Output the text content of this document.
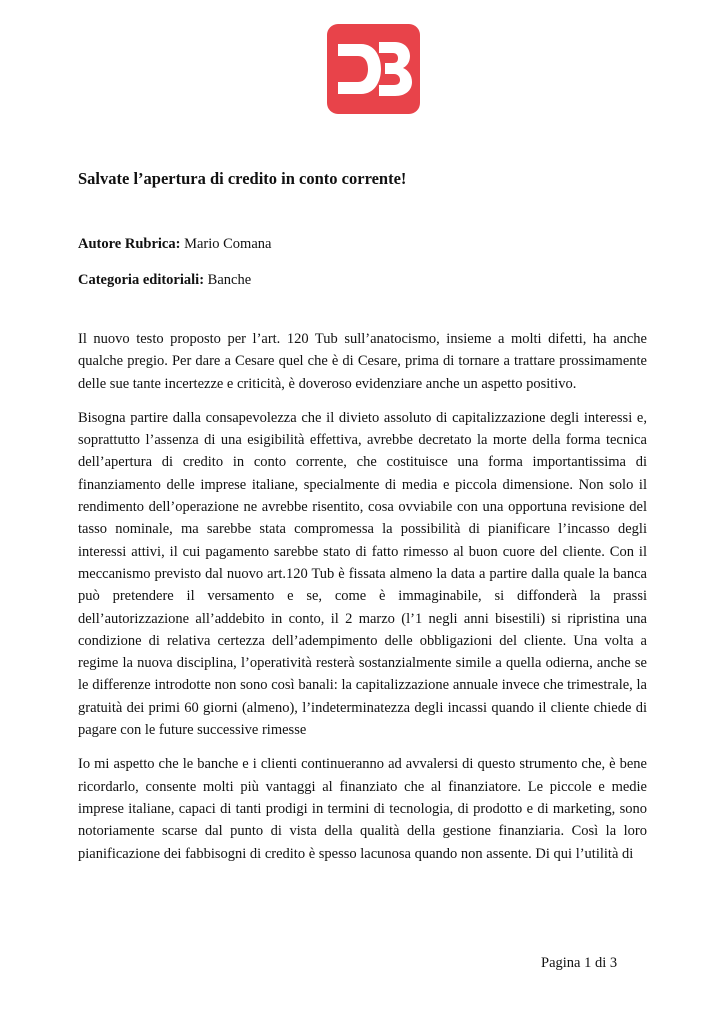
Salvate l’apertura di credito in conto corrente!
Autore Rubrica: Mario Comana
Categoria editoriali: Banche

Il nuovo testo proposto per l’art. 120 Tub sull’anatocismo, insieme a molti difetti, ha anche qualche pregio. Per dare a Cesare quel che è di Cesare, prima di tornare a trattare prossimamente delle sue tante incertezze e criticità, è doveroso evidenziare anche un aspetto positivo.

Bisogna partire dalla consapevolezza che il divieto assoluto di capitalizzazione degli interessi e, soprattutto l’assenza di una esigibilità effettiva, avrebbe decretato la morte della forma tecnica dell’apertura di credito in conto corrente, che costituisce una forma importantissima di finanziamento delle imprese italiane, specialmente di media e piccola dimensione. Non solo il rendimento dell’operazione ne avrebbe risentito, cosa ovviabile con una opportuna revisione del tasso nominale, ma sarebbe stata compromessa la possibilità di pianificare l’incasso degli interessi attivi, il cui pagamento sarebbe stato di fatto rimesso al buon cuore del cliente. Con il meccanismo previsto dal nuovo art.120 Tub è fissata almeno la data a partire dalla quale la banca può pretendere il versamento e se, come è immaginabile, si diffonderà la prassi dell’autorizzazione all’addebito in conto, il 2 marzo (l’1 negli anni bisestili) si ripristina una condizione di relativa certezza dell’adempimento delle obbligazioni del cliente. Una volta a regime la nuova disciplina, l’operatività resterà sostanzialmente simile a quella odierna, anche se le differenze introdotte non sono così banali: la capitalizzazione annuale invece che trimestrale, la gratuità dei primi 60 giorni (almeno), l’indeterminatezza degli incassi quando il cliente chiede di pagare con le future successive rimesse

Io mi aspetto che le banche e i clienti continueranno ad avvalersi di questo strumento che, è bene ricordarlo, consente molti più vantaggi al finanziato che al finanziatore. Le piccole e medie imprese italiane, capaci di tanti prodigi in termini di tecnologia, di prodotto e di marketing, sono notoriamente scarse dal punto di vista della qualità della gestione finanziaria. Così la loro pianificazione dei fabbisogni di credito è spesso lacunosa quando non assente. Di qui l’utilità di

Pagina 1 di 3
